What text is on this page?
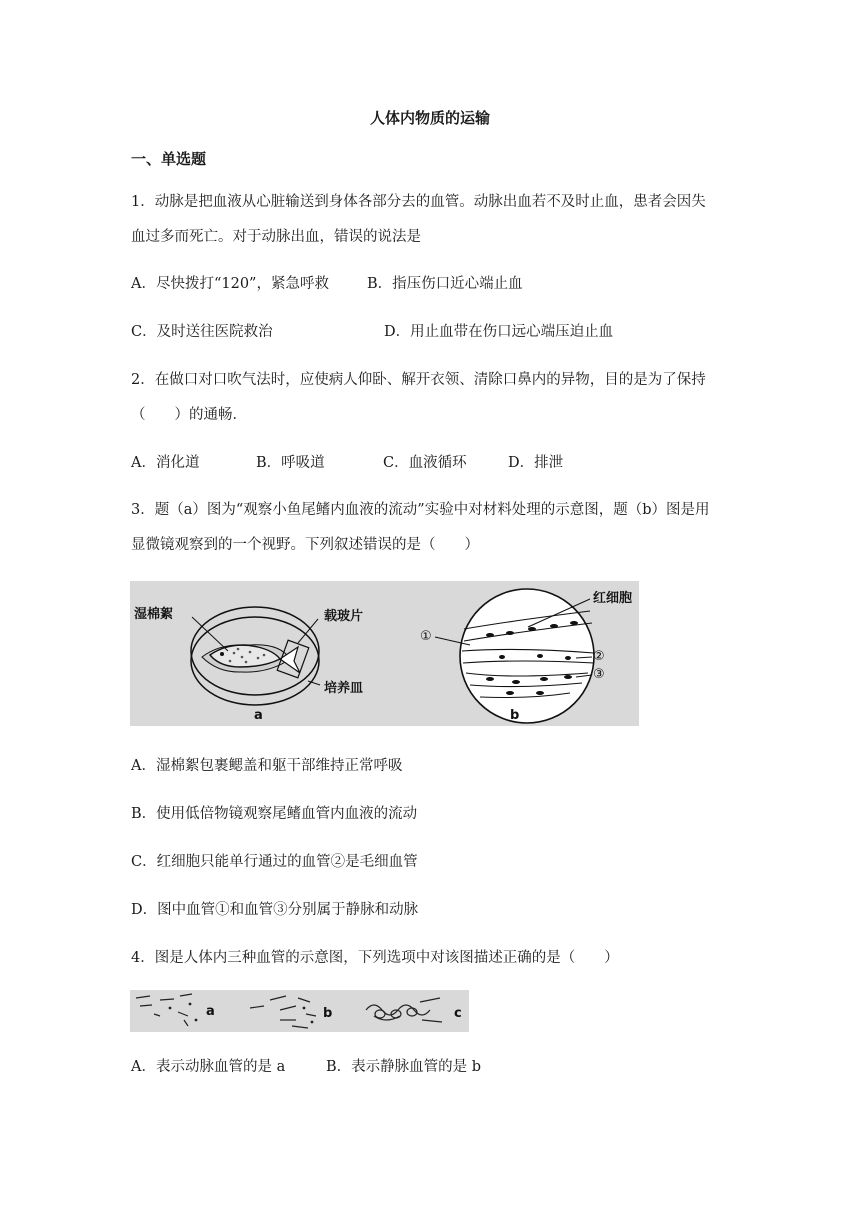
人体内物质的运输
一、单选题
1．动脉是把血液从心脏输送到身体各部分去的血管。动脉出血若不及时止血，患者会因失
血过多而死亡。对于动脉出血，错误的说法是
A．尽快拨打“120”，紧急呼救	B．指压伤口近心端止血
C．及时送往医院救治	D．用止血带在伤口远心端压迫止血
2．在做口对口吹气法时，应使病人仰卧、解开衣领、清除口鼻内的异物，目的是为了保持
（　　）的通畅．
A．消化道	B．呼吸道	C．血液循环	D．排泄
3．题（a）图为“观察小鱼尾鳍内血液的流动”实验中对材料处理的示意图，题（b）图是用
显微镜观察到的一个视野。下列叙述错误的是（　　）
湿棉絮	载玻片
培养皿
a
红细胞
①
②
③
b
A．湿棉絮包裹鳃盖和躯干部维持正常呼吸
B．使用低倍物镜观察尾鳍血管内血液的流动
C．红细胞只能单行通过的血管②是毛细血管
D．图中血管①和血管③分别属于静脉和动脉
4．图是人体内三种血管的示意图，下列选项中对该图描述正确的是（　　）
a	b	c
A．表示动脉血管的是 a	B．表示静脉血管的是 b
